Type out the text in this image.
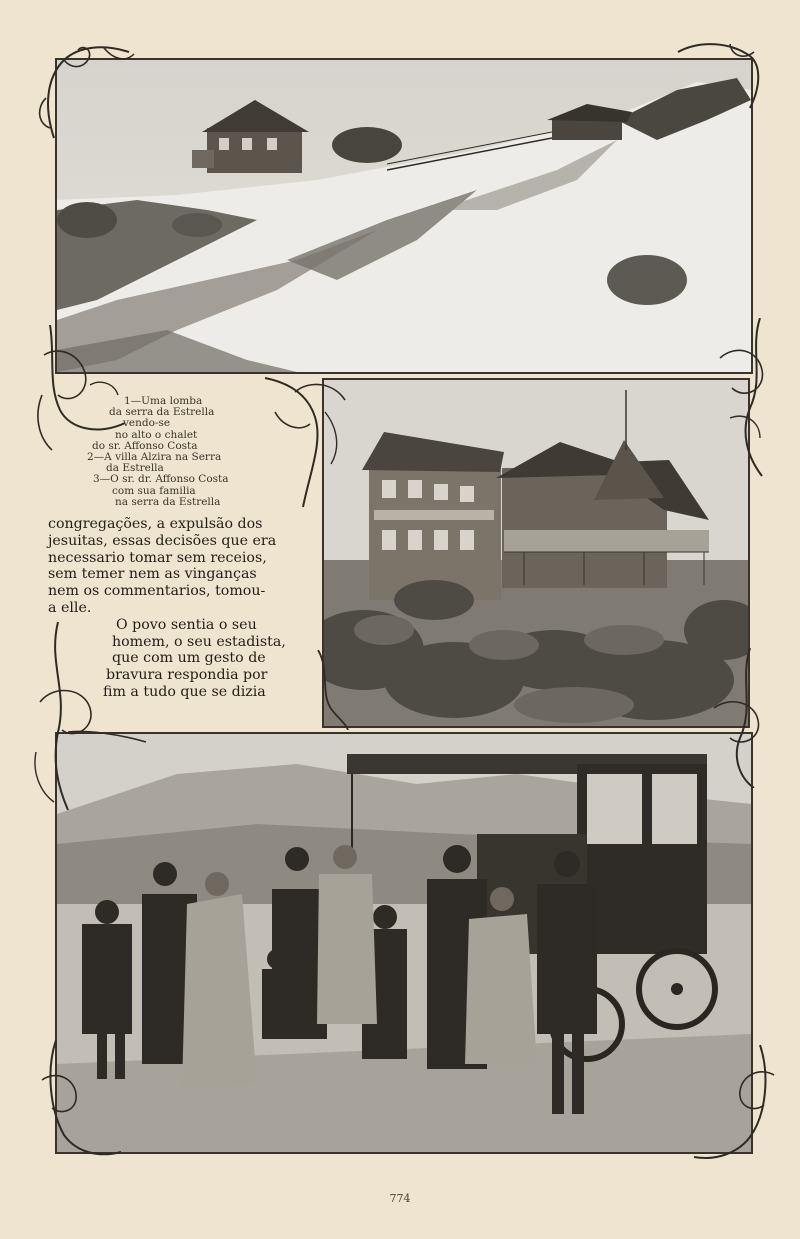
1—Uma lomba
da serra da Estrella
vendo-se
no alto o chalet
do sr. Affonso Costa
2—A villa Alzira na Serra
da Estrella
3—O sr. dr. Affonso Costa
com sua familia
na serra da Estrella
congregações, a expulsão dos
jesuitas, essas decisões que era
necessario tomar sem receios,
sem temer nem as vinganças
nem os commentarios, tomou-
a elle.
O povo sentia o seu
homem, o seu estadista,
que com um gesto de
bravura respondia por
fim a tudo que se dizia
774
